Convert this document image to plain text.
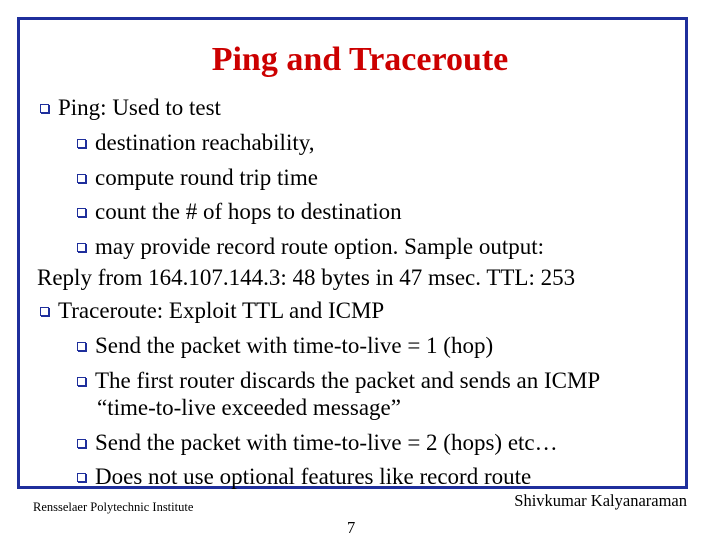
Ping and Traceroute
Ping: Used to test
destination reachability,
compute round trip time
count the # of hops to destination
may provide record route option. Sample output:
Reply from 164.107.144.3: 48 bytes in 47 msec. TTL: 253
Traceroute: Exploit TTL and ICMP
Send the packet with time-to-live = 1 (hop)
The first router discards the packet and sends an ICMP
“time-to-live exceeded message”
Send the packet with time-to-live = 2 (hops) etc…
Does not use optional features like record route
Rensselaer Polytechnic Institute	Shivkumar Kalyanaraman
7
